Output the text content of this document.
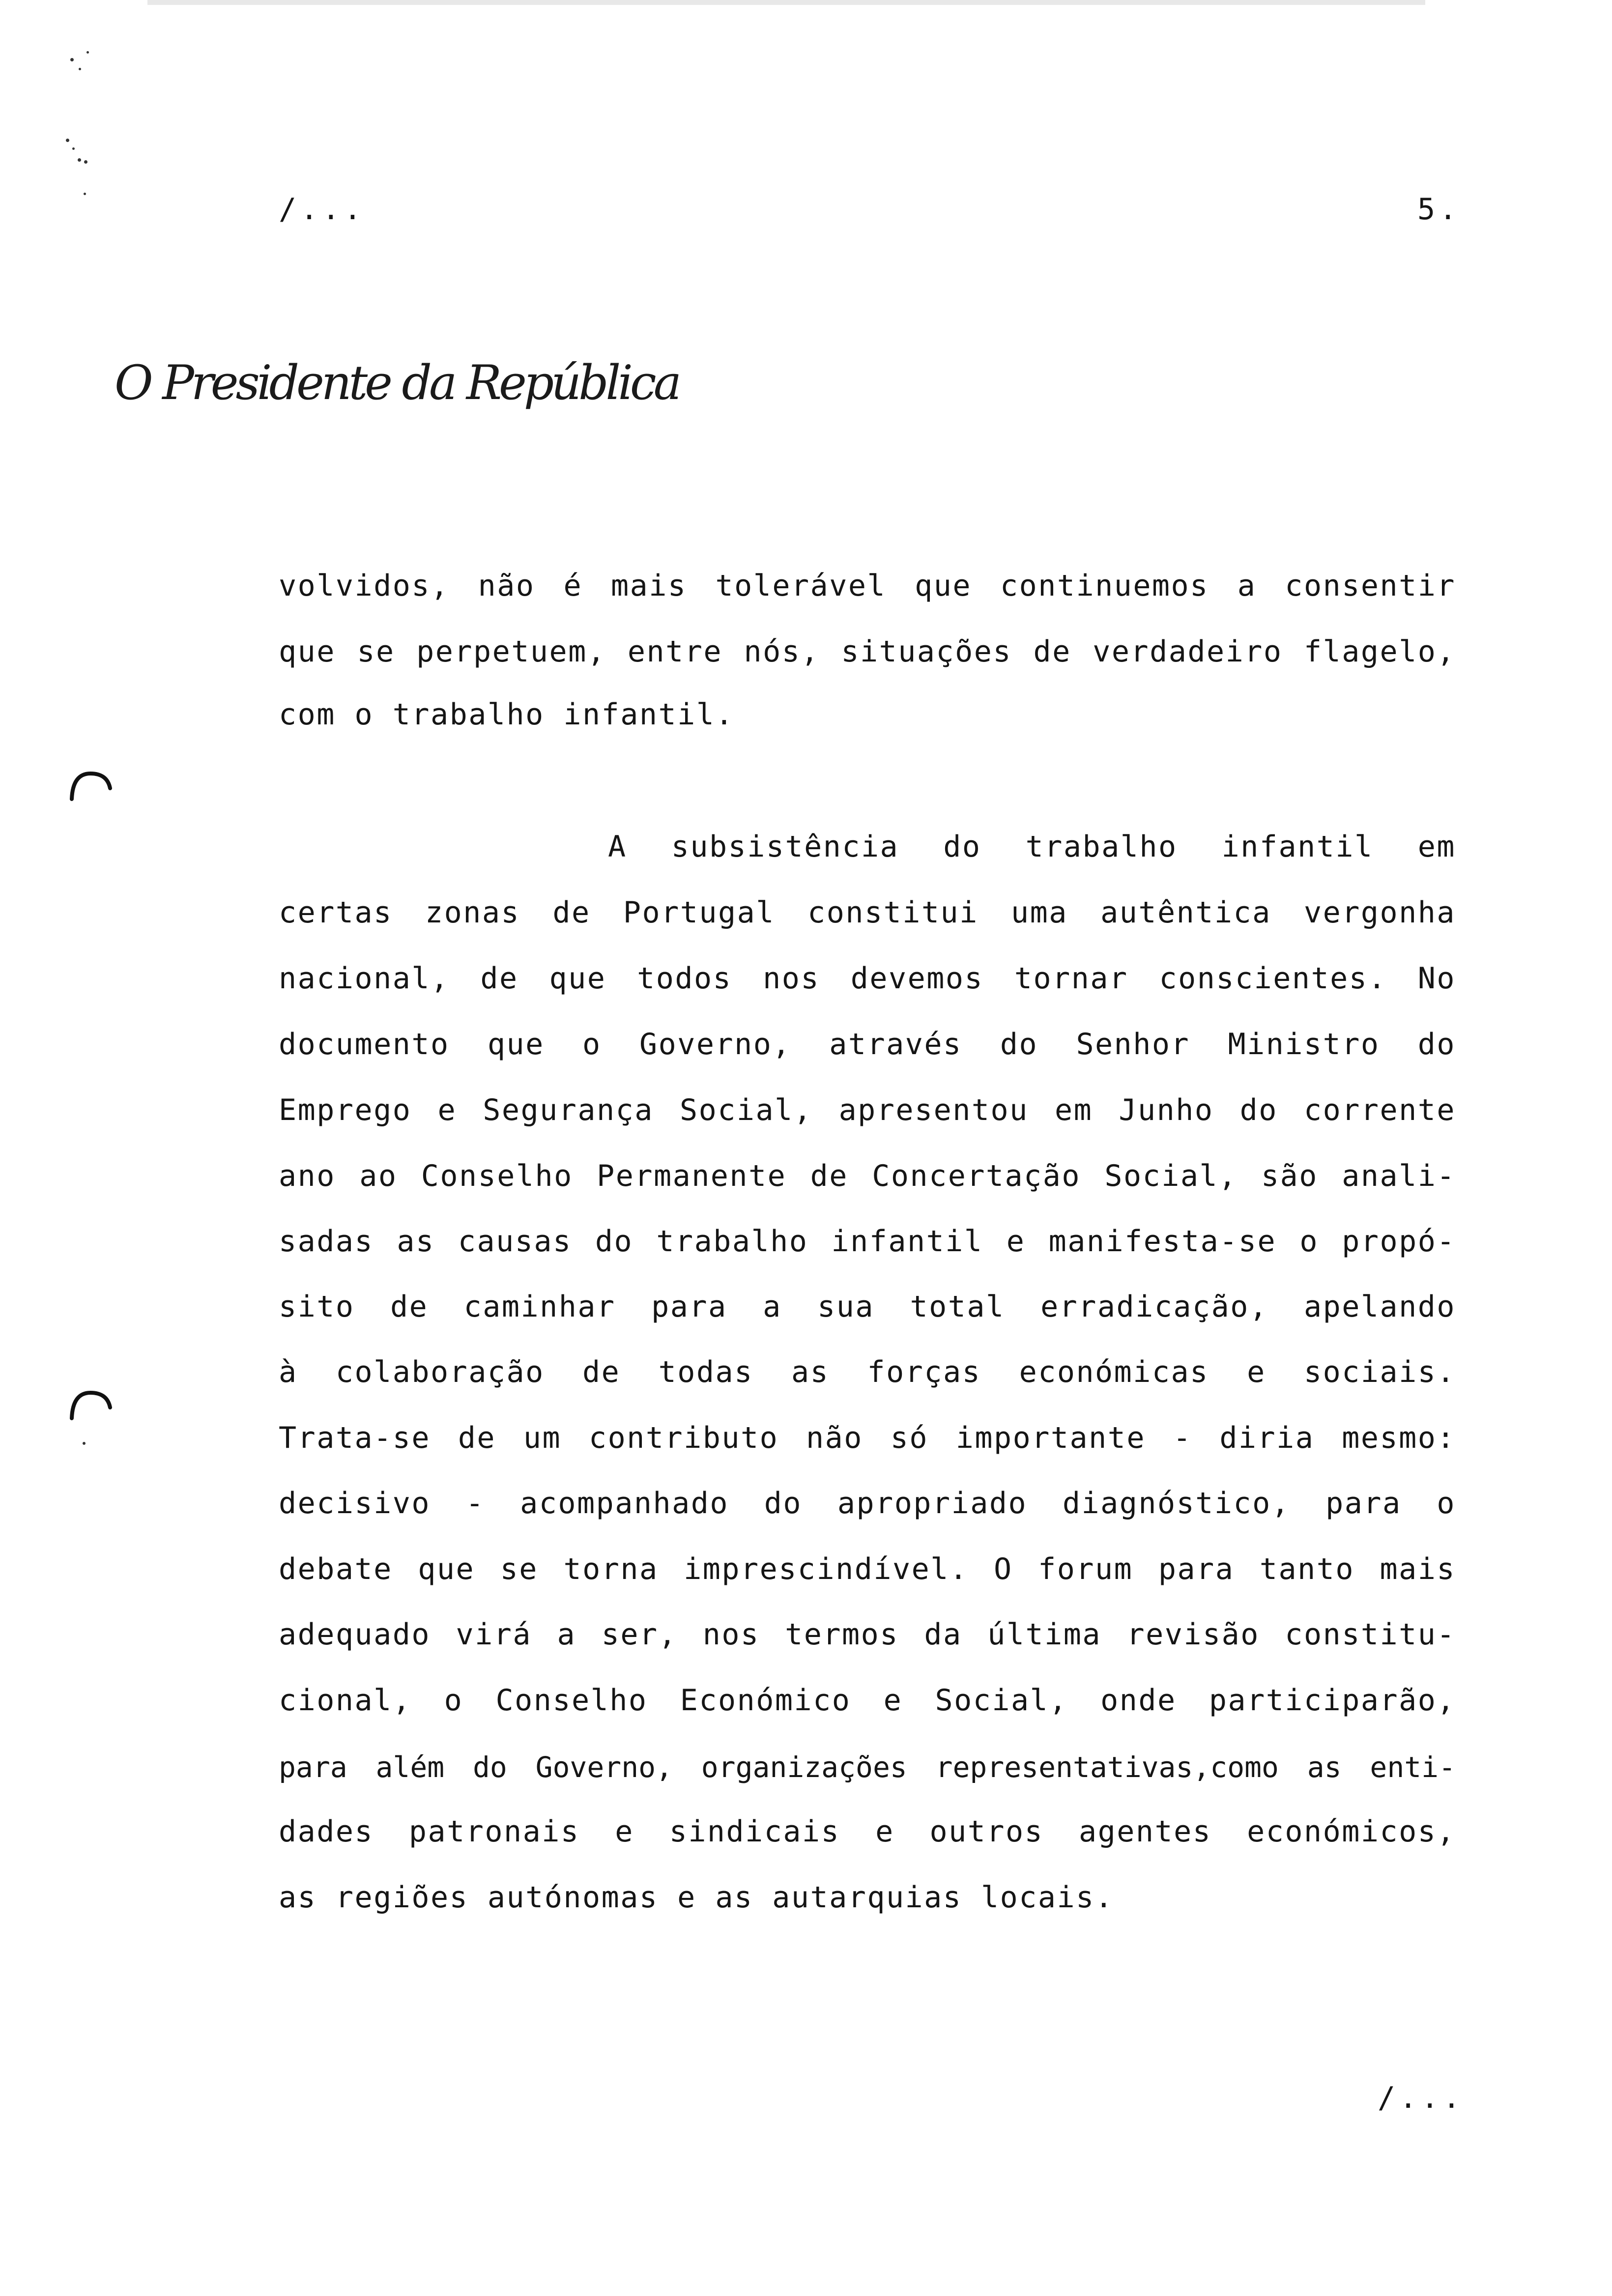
/...	5.
O Presidente da República
volvidos, não é mais tolerável que continuemos a consentir
que se perpetuem, entre nós, situações de verdadeiro flagelo,
com o trabalho infantil.
A subsistência do trabalho infantil em
certas zonas de Portugal constitui uma autêntica vergonha
nacional, de que todos nos devemos tornar conscientes. No
documento que o Governo, através do Senhor Ministro do
Emprego e Segurança Social, apresentou em Junho do corrente
ano ao Conselho Permanente de Concertação Social, são anali-
sadas as causas do trabalho infantil e manifesta-se o propó-
sito de caminhar para a sua total erradicação, apelando
à colaboração de todas as forças económicas e sociais.
Trata-se de um contributo não só importante - diria mesmo:
decisivo - acompanhado do apropriado diagnóstico, para o
debate que se torna imprescindível. O forum para tanto mais
adequado virá a ser, nos termos da última revisão constitu-
cional, o Conselho Económico e Social, onde participarão,
para além do Governo, organizações representativas,como as enti-
dades patronais e sindicais e outros agentes económicos,
as regiões autónomas e as autarquias locais.
/...
